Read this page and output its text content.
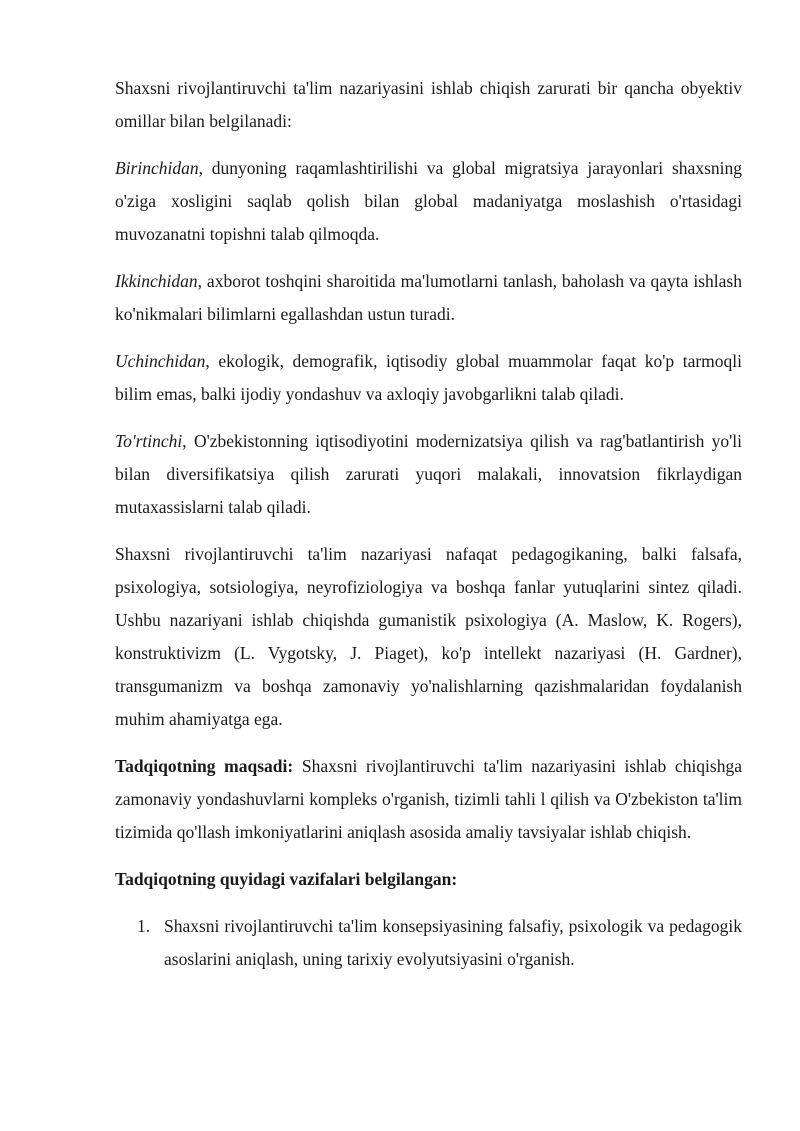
Shaxsni rivojlantiruvchi ta'lim nazariyasini ishlab chiqish zarurati bir qancha obyektiv omillar bilan belgilanadi:

Birinchidan, dunyoning raqamlashtirilishi va global migratsiya jarayonlari shaxsning o'ziga xosligini saqlab qolish bilan global madaniyatga moslashish o'rtasidagi muvozanatni topishni talab qilmoqda.

Ikkinchidan, axborot toshqini sharoitida ma'lumotlarni tanlash, baholash va qayta ishlash ko'nikmalari bilimlarni egallashdan ustun turadi.

Uchinchidan, ekologik, demografik, iqtisodiy global muammolar faqat ko'p tarmoqli bilim emas, balki ijodiy yondashuv va axloqiy javobgarlikni talab qiladi.

To'rtinchi, O'zbekistonning iqtisodiyotini modernizatsiya qilish va rag'batlantirish yo'li bilan diversifikatsiya qilish zarurati yuqori malakali, innovatsion fikrlaydigan mutaxassislarni talab qiladi.

Shaxsni rivojlantiruvchi ta'lim nazariyasi nafaqat pedagogikaning, balki falsafa, psixologiya, sotsiologiya, neyrofiziologiya va boshqa fanlar yutuqlarini sintez qiladi. Ushbu nazariyani ishlab chiqishda gumanistik psixologiya (A. Maslow, K. Rogers), konstruktivizm (L. Vygotsky, J. Piaget), ko'p intellekt nazariyasi (H. Gardner), transgumanizm va boshqa zamonaviy yo'nalishlarning qazishmalaridan foydalanish muhim ahamiyatga ega.

Tadqiqotning maqsadi: Shaxsni rivojlantiruvchi ta'lim nazariyasini ishlab chiqishga zamonaviy yondashuvlarni kompleks o'rganish, tizimli tahli l qilish va O'zbekiston ta'lim tizimida qo'llash imkoniyatlarini aniqlash asosida amaliy tavsiyalar ishlab chiqish.

Tadqiqotning quyidagi vazifalari belgilangan:

1. Shaxsni rivojlantiruvchi ta'lim konsepsiyasining falsafiy, psixologik va pedagogik asoslarini aniqlash, uning tarixiy evolyutsiyasini o'rganish.
